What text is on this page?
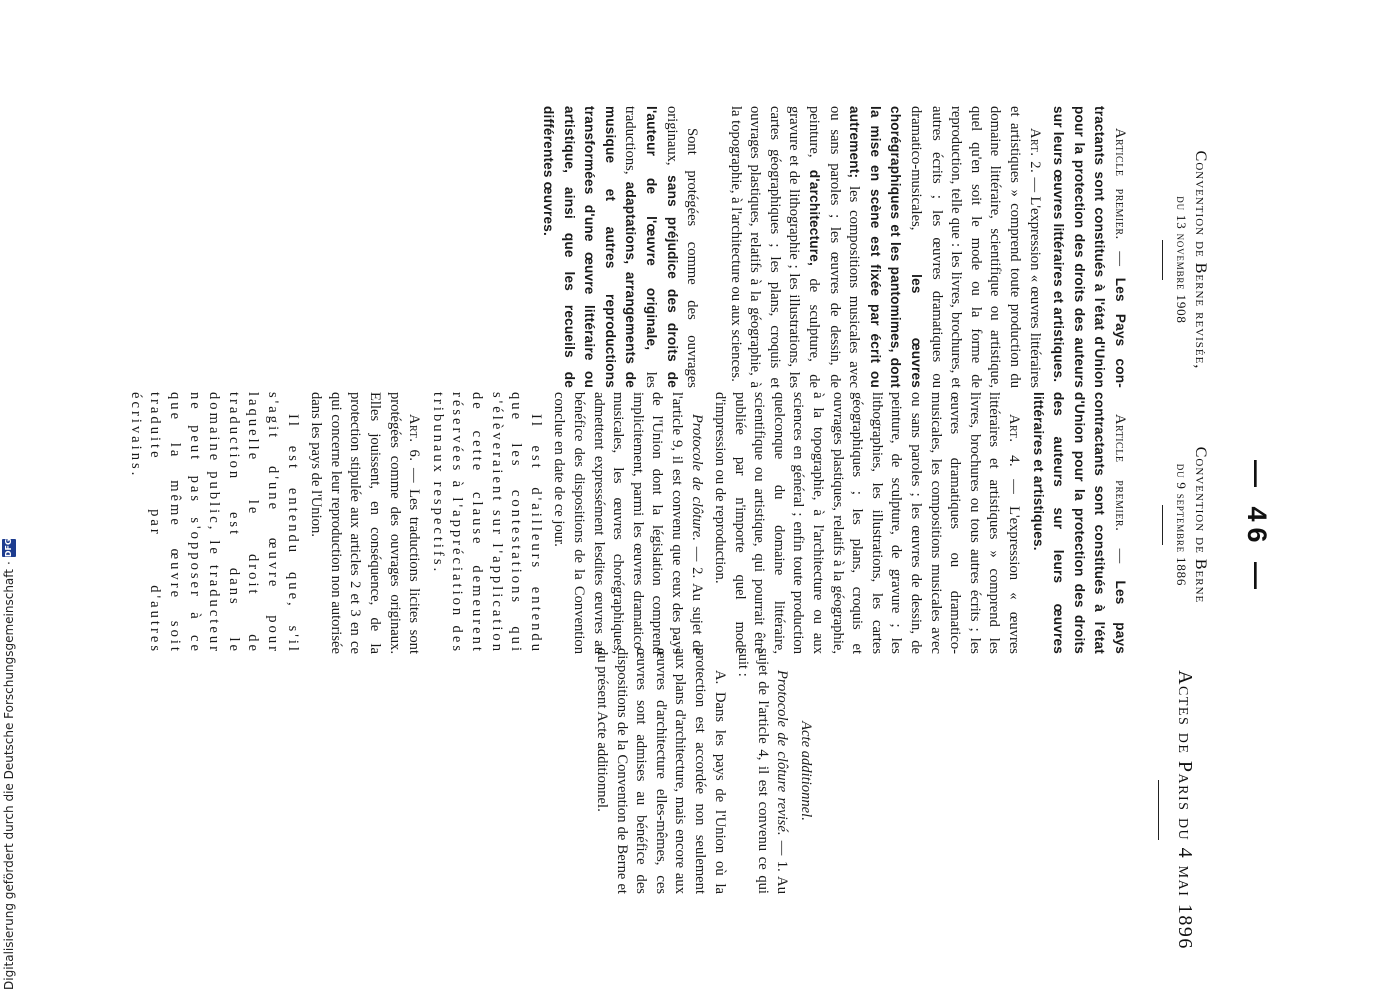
Actes de Paris du 4 mai 1896
— 46 —
Convention de Berne revisée,
du 13 novembre 1908

Article premier. — Les Pays con-tractants sont constitués à l'état d'Union pour la protection des droits des auteurs sur leurs œuvres littéraires et artistiques.

Art. 2. — L'expression « œuvres littéraires et artistiques » comprend toute production du domaine littéraire, scientifique ou artistique, quel qu'en soit le mode ou la forme de reproduction, telle que : les livres, brochures, et autres écrits ; les œuvres dramatiques ou dramatico-musicales, les œuvres chorégraphiques et les pantomimes, dont la mise en scène est fixée par écrit ou autrement; les compositions musicales avec ou sans paroles ; les œuvres de dessin, de peinture, d'architecture, de sculpture, de gravure et de lithographie ; les illustrations, les cartes géographiques ; les plans, croquis et ouvrages plastiques, relatifs à la géographie, à la topographie, à l'architecture ou aux sciences.

Sont protégées comme des ouvrages originaux, sans préjudice des droits de l'auteur de l'œuvre originale, les traductions, adaptations, arrangements de musique et autres reproductions transformées d'une œuvre littéraire ou artistique, ainsi que les recueils de différentes œuvres.

Convention de Berne
du 9 septembre 1886

Article premier. — Les pays contractants sont constitués à l'état d'Union pour la protection des droits des auteurs sur leurs œuvres littéraires et artistiques.

Art. 4. — L'expression « œuvres littéraires et artistiques » comprend les livres, brochures ou tous autres écrits ; les œuvres dramatiques ou dramatico-musicales, les compositions musicales avec ou sans paroles ; les œuvres de dessin, de peinture, de sculpture, de gravure ; les lithographies, les illustrations, les cartes géographiques ; les plans, croquis et ouvrages plastiques, relatifs à la géographie, à la topographie, à l'architecture ou aux sciences en général ; enfin toute production quelconque du domaine littéraire, scientifique ou artistique, qui pourrait être publiée par n'importe quel mode d'impression ou de reproduction.

Protocole de clôture. — 2. Au sujet de l'article 9, il est convenu que ceux des pays de l'Union dont la législation comprend implicitement, parmi les œuvres dramatico-musicales, les œuvres chorégraphiques, admettent expressément lesdites œuvres au bénéfice des dispositions de la Convention conclue en date de ce jour.

Il est d'ailleurs entendu que les contestations qui s'élèveraient sur l'application de cette clause demeurent réservées à l'appréciation des tribunaux respectifs.

Art. 6. — Les traductions licites sont protégées comme des ouvrages originaux. Elles jouissent, en conséquence, de la protection stipulée aux articles 2 et 3 en ce qui concerne leur reproduction non autorisée dans les pays de l'Union.

Il est entendu que, s'il s'agit d'une œuvre pour laquelle le droit de traduction est dans le domaine public, le traducteur ne peut pas s'opposer à ce que la même œuvre soit traduite par d'autres écrivains.

Acte additionnel.

Protocole de clôture revisé. — 1. Au sujet de l'article 4, il est convenu ce qui suit :

A. Dans les pays de l'Union où la protection est accordée non seulement aux plans d'architecture, mais encore aux œuvres d'architecture elles-mêmes, ces œuvres sont admises au bénéfice des dispositions de la Convention de Berne et du présent Acte additionnel.

Digitalisierung gefördert durch die Deutsche Forschungsgemeinschaft
·
DFG
